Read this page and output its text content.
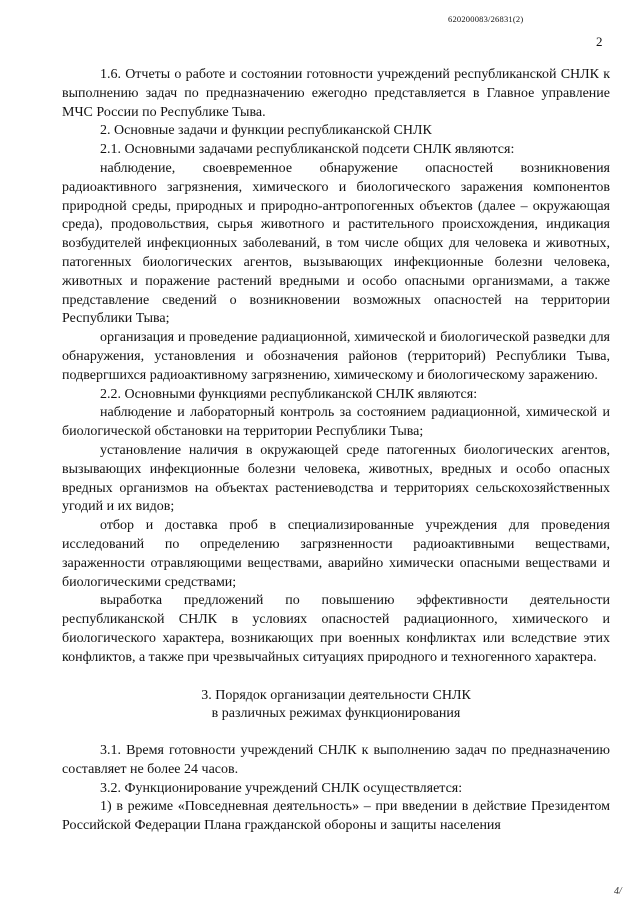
620200083/26831(2)
2

1.6. Отчеты о работе и состоянии готовности учреждений республиканской СНЛК к выполнению задач по предназначению ежегодно представляется в Главное управление МЧС России по Республике Тыва.

2. Основные задачи и функции республиканской СНЛК

2.1. Основными задачами республиканской подсети СНЛК являются:

наблюдение, своевременное обнаружение опасностей возникновения радиоактивного загрязнения, химического и биологического заражения компонентов природной среды, природных и природно-антропогенных объектов (далее – окружающая среда), продовольствия, сырья животного и растительного происхождения, индикация возбудителей инфекционных заболеваний, в том числе общих для человека и животных, патогенных биологических агентов, вызывающих инфекционные болезни человека, животных и поражение растений вредными и особо опасными организмами, а также представление сведений о возникновении возможных опасностей на территории Республики Тыва;

организация и проведение радиационной, химической и биологической разведки для обнаружения, установления и обозначения районов (территорий) Республики Тыва, подвергшихся радиоактивному загрязнению, химическому и биологическому заражению.

2.2. Основными функциями республиканской СНЛК являются:

наблюдение и лабораторный контроль за состоянием радиационной, химической и биологической обстановки на территории Республики Тыва;

установление наличия в окружающей среде патогенных биологических агентов, вызывающих инфекционные болезни человека, животных, вредных и особо опасных вредных организмов на объектах растениеводства и территориях сельскохозяйственных угодий и их видов;

отбор и доставка проб в специализированные учреждения для проведения исследований по определению загрязненности радиоактивными веществами, зараженности отравляющими веществами, аварийно химически опасными веществами и биологическими средствами;

выработка предложений по повышению эффективности деятельности республиканской СНЛК в условиях опасностей радиационного, химического и биологического характера, возникающих при военных конфликтах или вследствие этих конфликтов, а также при чрезвычайных ситуациях природного и техногенного характера.

3. Порядок организации деятельности СНЛК
в различных режимах функционирования

3.1. Время готовности учреждений СНЛК к выполнению задач по предназначению составляет не более 24 часов.

3.2. Функционирование учреждений СНЛК осуществляется:

1) в режиме «Повседневная деятельность» – при введении в действие Президентом Российской Федерации Плана гражданской обороны и защиты населения

4/
